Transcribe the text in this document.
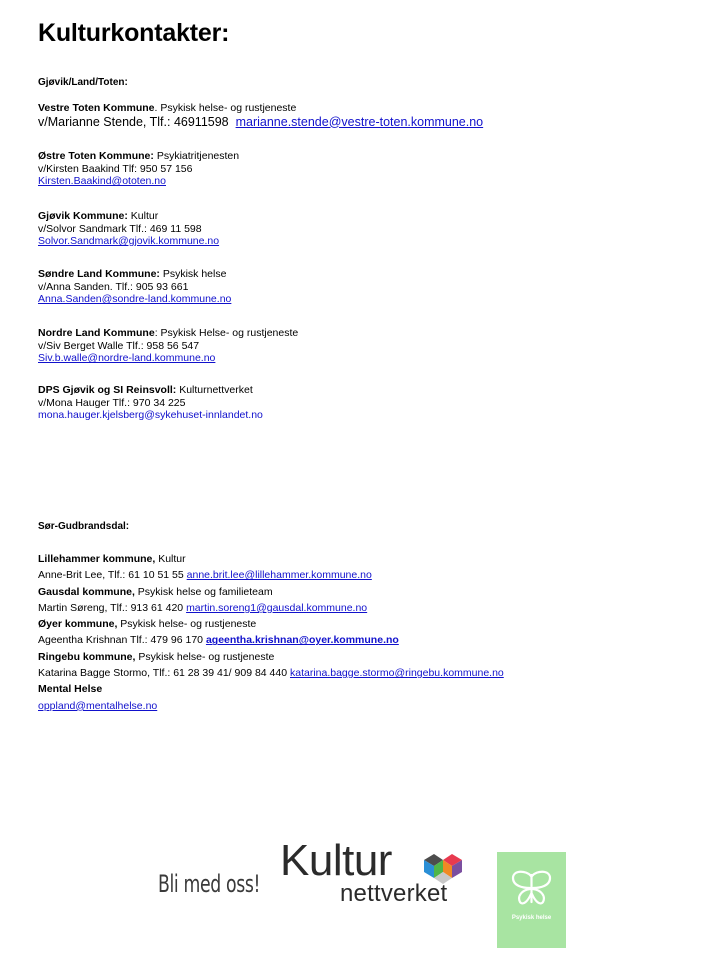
Kulturkontakter:
Gjøvik/Land/Toten:
Vestre Toten Kommune. Psykisk helse- og rustjeneste
v/Marianne Stende, Tlf.: 46911598 marianne.stende@vestre-toten.kommune.no
Østre Toten Kommune: Psykiatritjenesten
v/Kirsten Baakind Tlf: 950 57 156
Kirsten.Baakind@ototen.no
Gjøvik Kommune: Kultur
v/Solvor Sandmark Tlf.: 469 11 598
Solvor.Sandmark@gjovik.kommune.no
Søndre Land Kommune: Psykisk helse
v/Anna Sanden. Tlf.: 905 93 661
Anna.Sanden@sondre-land.kommune.no
Nordre Land Kommune: Psykisk Helse- og rustjeneste
v/Siv Berget Walle Tlf.: 958 56 547
Siv.b.walle@nordre-land.kommune.no
DPS Gjøvik og SI Reinsvoll: Kulturnettverket
v/Mona Hauger Tlf.: 970 34 225
mona.hauger.kjelsberg@sykehuset-innlandet.no
Sør-Gudbrandsdal:
Lillehammer kommune, Kultur
Anne-Brit Lee, Tlf.: 61 10 51 55 anne.brit.lee@lillehammer.kommune.no
Gausdal kommune, Psykisk helse og familieteam
Martin Søreng, Tlf.: 913 61 420 martin.soreng1@gausdal.kommune.no
Øyer kommune, Psykisk helse- og rustjeneste
Ageentha Krishnan Tlf.: 479 96 170 ageentha.krishnan@oyer.kommune.no
Ringebu kommune, Psykisk helse- og rustjeneste
Katarina Bagge Stormo, Tlf.: 61 28 39 41/ 909 84 440 katarina.bagge.stormo@ringebu.kommune.no
Mental Helse
oppland@mentalhelse.no
Bli med oss! Kultur
nettverket
Psykisk helse
